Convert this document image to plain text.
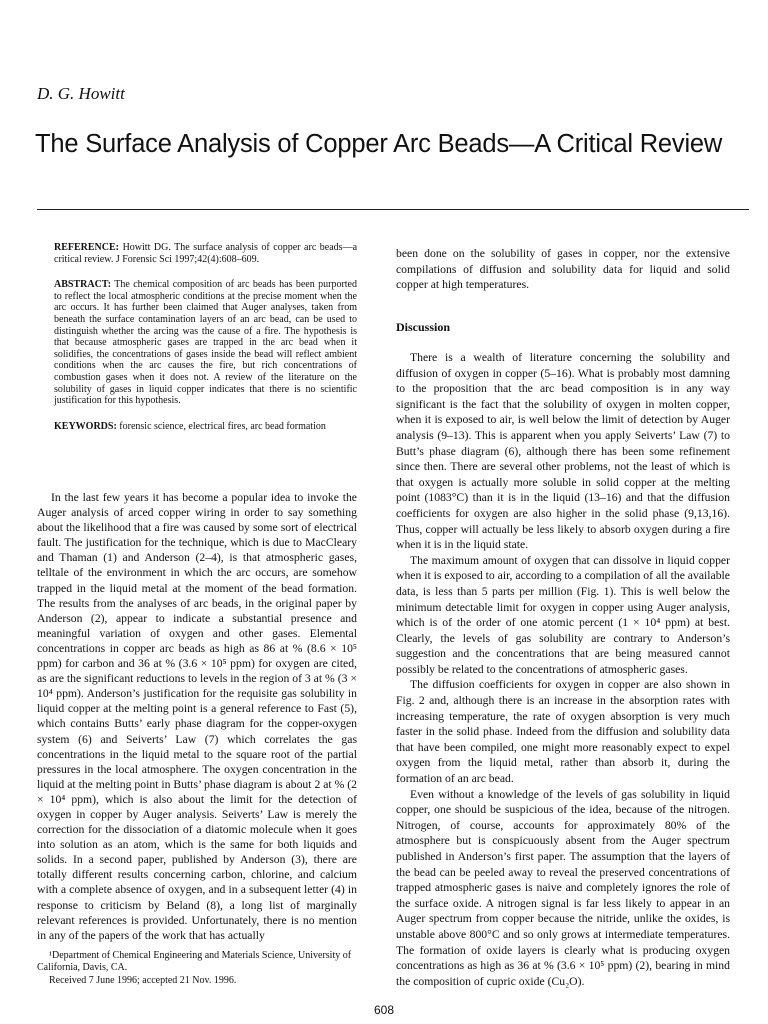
D. G. Howitt
The Surface Analysis of Copper Arc Beads—A Critical Review

REFERENCE: Howitt DG. The surface analysis of copper arc beads—a critical review. J Forensic Sci 1997;42(4):608–609.

ABSTRACT: The chemical composition of arc beads has been purported to reflect the local atmospheric conditions at the precise moment when the arc occurs. It has further been claimed that Auger analyses, taken from beneath the surface contamination layers of an arc bead, can be used to distinguish whether the arcing was the cause of a fire. The hypothesis is that because atmospheric gases are trapped in the arc bead when it solidifies, the concentrations of gases inside the bead will reflect ambient conditions when the arc causes the fire, but rich concentrations of combustion gases when it does not. A review of the literature on the solubility of gases in liquid copper indicates that there is no scientific justification for this hypothesis.

KEYWORDS: forensic science, electrical fires, arc bead formation

In the last few years it has become a popular idea to invoke the Auger analysis of arced copper wiring in order to say something about the likelihood that a fire was caused by some sort of electrical fault. The justification for the technique, which is due to MacCleary and Thaman (1) and Anderson (2–4), is that atmospheric gases, telltale of the environment in which the arc occurs, are somehow trapped in the liquid metal at the moment of the bead formation. The results from the analyses of arc beads, in the original paper by Anderson (2), appear to indicate a substantial presence and meaningful variation of oxygen and other gases. Elemental concentrations in copper arc beads as high as 86 at % (8.6 × 10⁵ ppm) for carbon and 36 at % (3.6 × 10⁵ ppm) for oxygen are cited, as are the significant reductions to levels in the region of 3 at % (3 × 10⁴ ppm). Anderson’s justification for the requisite gas solubility in liquid copper at the melting point is a general reference to Fast (5), which contains Butts’ early phase diagram for the copper-oxygen system (6) and Seiverts’ Law (7) which correlates the gas concentrations in the liquid metal to the square root of the partial pressures in the local atmosphere. The oxygen concentration in the liquid at the melting point in Butts’ phase diagram is about 2 at % (2 × 10⁴ ppm), which is also about the limit for the detection of oxygen in copper by Auger analysis. Seiverts’ Law is merely the correction for the dissociation of a diatomic molecule when it goes into solution as an atom, which is the same for both liquids and solids. In a second paper, published by Anderson (3), there are totally different results concerning carbon, chlorine, and calcium with a complete absence of oxygen, and in a subsequent letter (4) in response to criticism by Beland (8), a long list of marginally relevant references is provided. Unfortunately, there is no mention in any of the papers of the work that has actually

¹Department of Chemical Engineering and Materials Science, University of California, Davis, CA.
Received 7 June 1996; accepted 21 Nov. 1996.

been done on the solubility of gases in copper, nor the extensive compilations of diffusion and solubility data for liquid and solid copper at high temperatures.

Discussion

There is a wealth of literature concerning the solubility and diffusion of oxygen in copper (5–16). What is probably most damning to the proposition that the arc bead composition is in any way significant is the fact that the solubility of oxygen in molten copper, when it is exposed to air, is well below the limit of detection by Auger analysis (9–13). This is apparent when you apply Seiverts’ Law (7) to Butt’s phase diagram (6), although there has been some refinement since then. There are several other problems, not the least of which is that oxygen is actually more soluble in solid copper at the melting point (1083°C) than it is in the liquid (13–16) and that the diffusion coefficients for oxygen are also higher in the solid phase (9,13,16). Thus, copper will actually be less likely to absorb oxygen during a fire when it is in the liquid state.

The maximum amount of oxygen that can dissolve in liquid copper when it is exposed to air, according to a compilation of all the available data, is less than 5 parts per million (Fig. 1). This is well below the minimum detectable limit for oxygen in copper using Auger analysis, which is of the order of one atomic percent (1 × 10⁴ ppm) at best. Clearly, the levels of gas solubility are contrary to Anderson’s suggestion and the concentrations that are being measured cannot possibly be related to the concentrations of atmospheric gases.

The diffusion coefficients for oxygen in copper are also shown in Fig. 2 and, although there is an increase in the absorption rates with increasing temperature, the rate of oxygen absorption is very much faster in the solid phase. Indeed from the diffusion and solubility data that have been compiled, one might more reasonably expect to expel oxygen from the liquid metal, rather than absorb it, during the formation of an arc bead.

Even without a knowledge of the levels of gas solubility in liquid copper, one should be suspicious of the idea, because of the nitrogen. Nitrogen, of course, accounts for approximately 80% of the atmosphere but is conspicuously absent from the Auger spectrum published in Anderson’s first paper. The assumption that the layers of the bead can be peeled away to reveal the preserved concentrations of trapped atmospheric gases is naive and completely ignores the role of the surface oxide. A nitrogen signal is far less likely to appear in an Auger spectrum from copper because the nitride, unlike the oxides, is unstable above 800°C and so only grows at intermediate temperatures. The formation of oxide layers is clearly what is producing oxygen concentrations as high as 36 at % (3.6 × 10⁵ ppm) (2), bearing in mind the composition of cupric oxide (Cu₂O).

608
